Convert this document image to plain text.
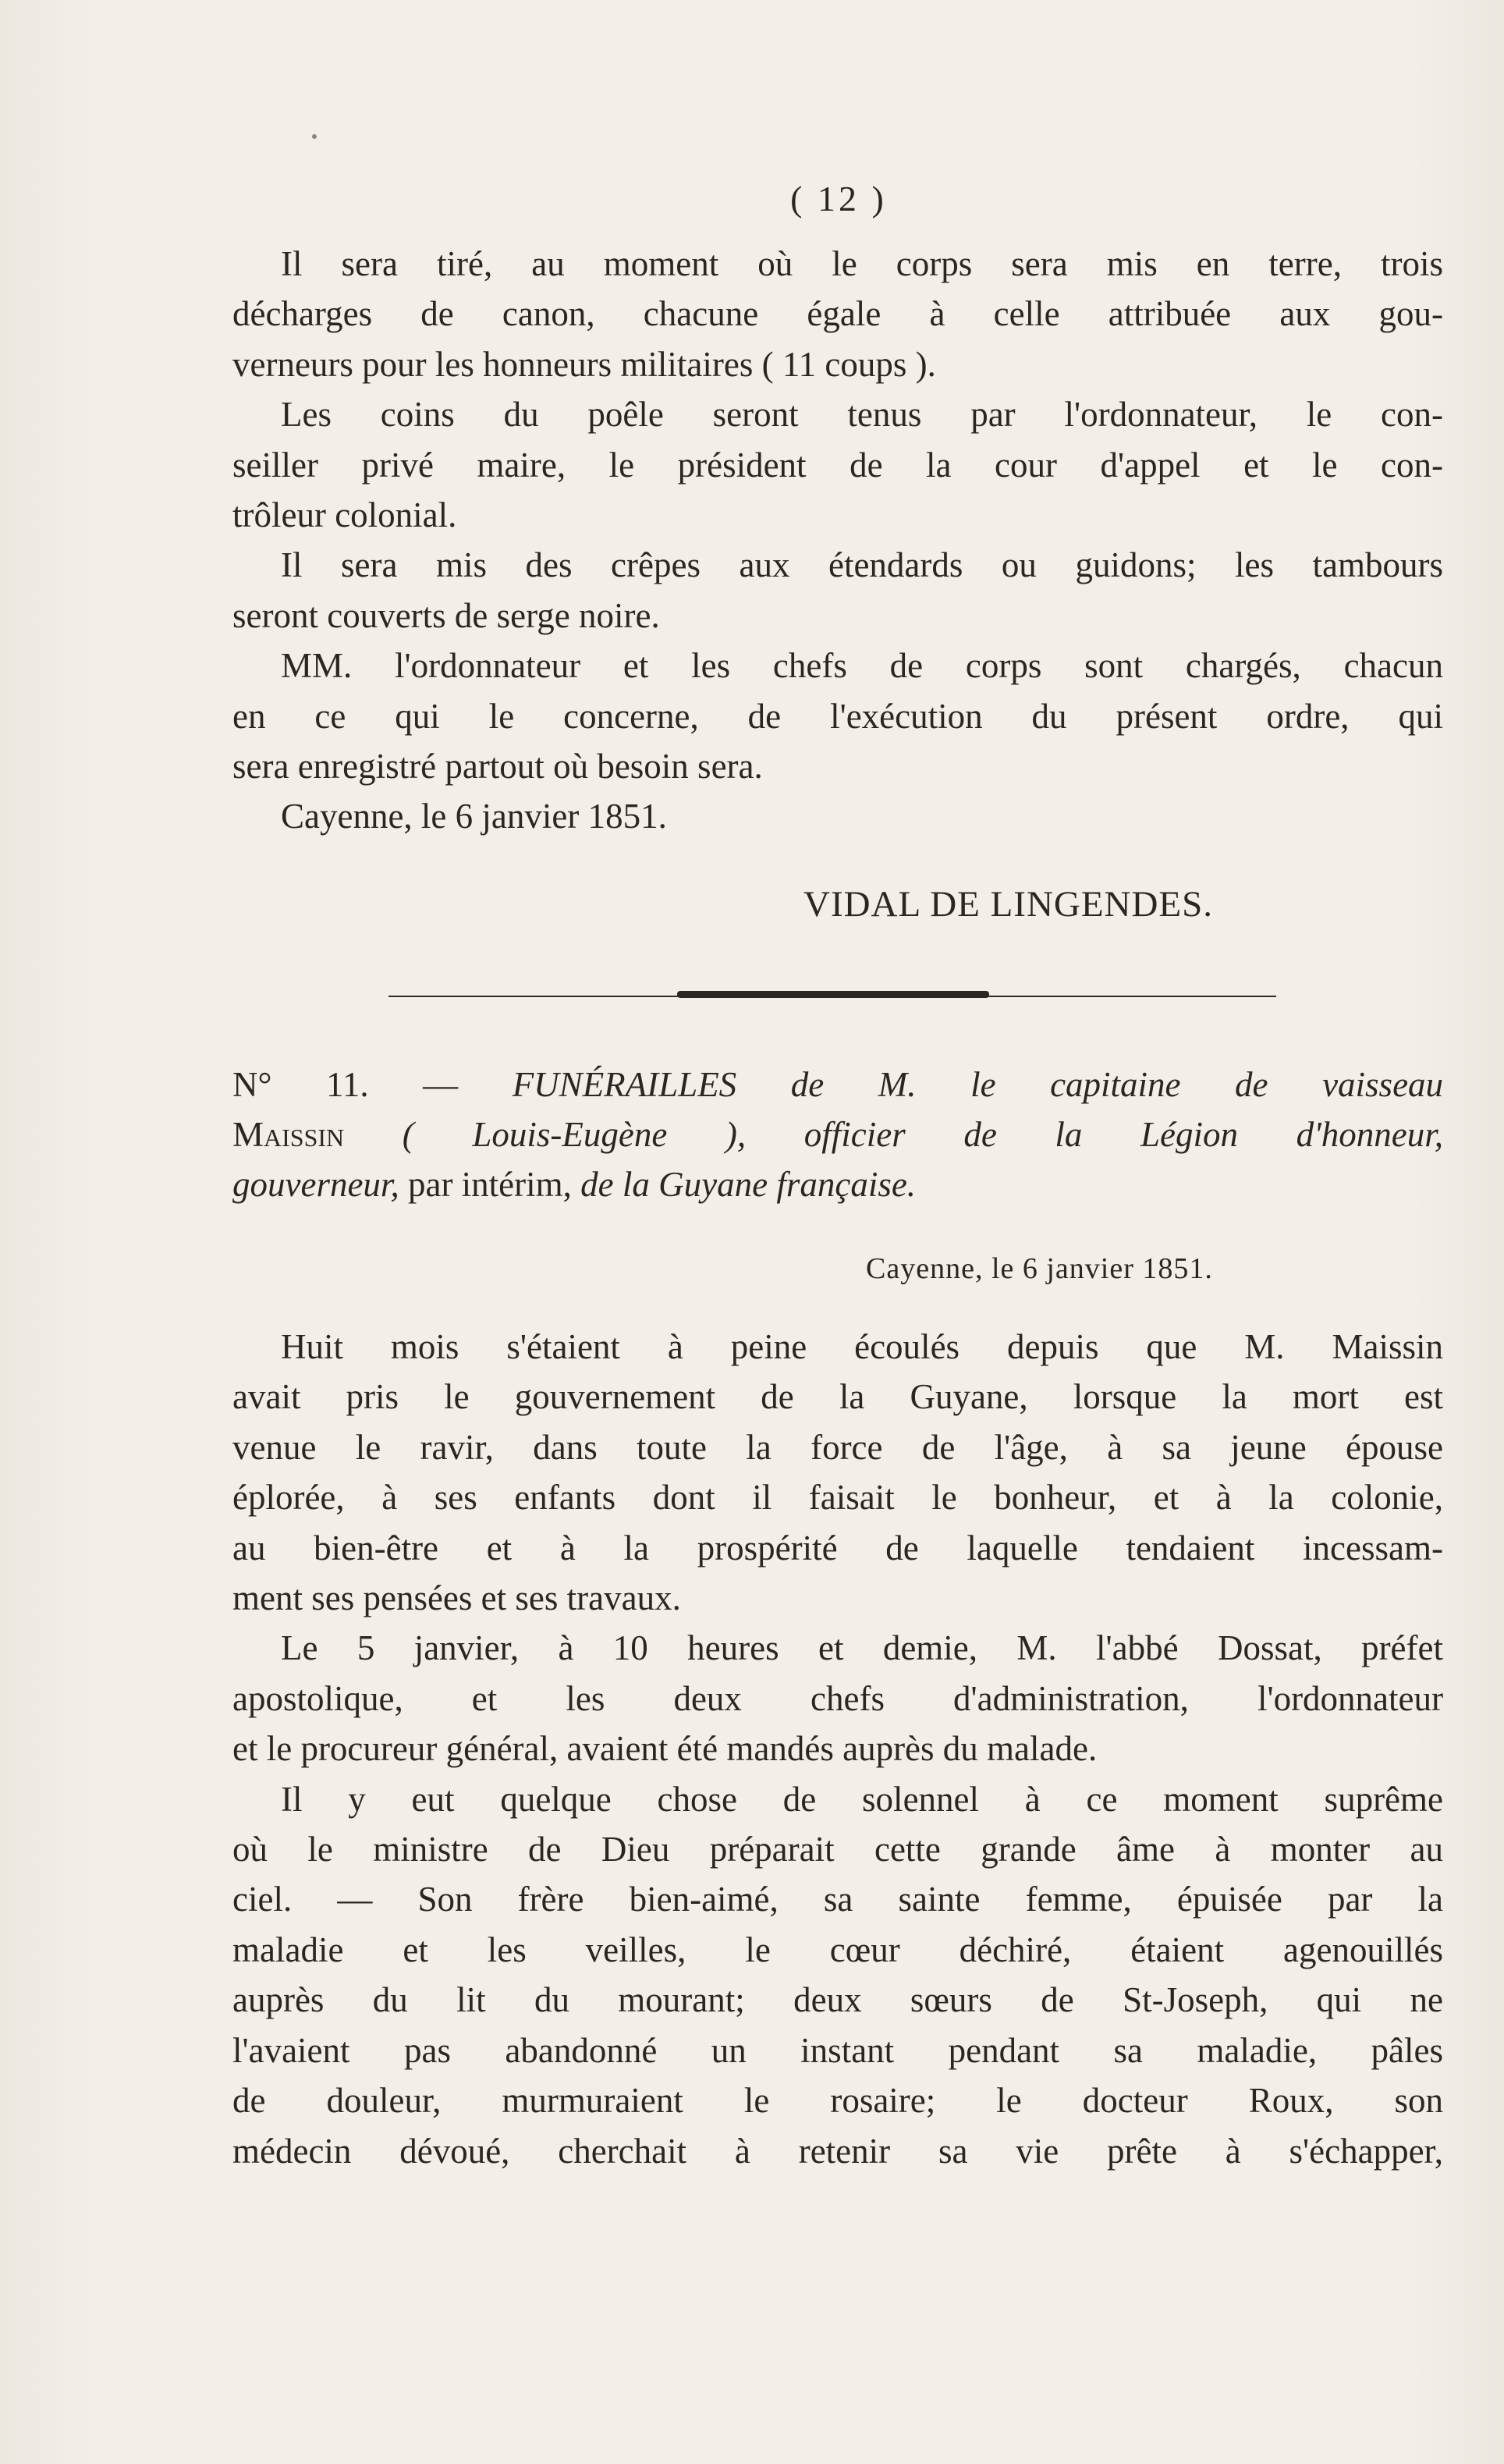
( 12 )
Il sera tiré, au moment où le corps sera mis en terre, trois
décharges de canon, chacune égale à celle attribuée aux gou-
verneurs pour les honneurs militaires ( 11 coups ).
Les coins du poêle seront tenus par l'ordonnateur, le con-
seiller privé maire, le président de la cour d'appel et le con-
trôleur colonial.
Il sera mis des crêpes aux étendards ou guidons; les tambours
seront couverts de serge noire.
MM. l'ordonnateur et les chefs de corps sont chargés, chacun
en ce qui le concerne, de l'exécution du présent ordre, qui
sera enregistré partout où besoin sera.
Cayenne, le 6 janvier 1851.
VIDAL DE LINGENDES.
N° 11. — FUNÉRAILLES de M. le capitaine de vaisseau
Maissin ( Louis-Eugène ), officier de la Légion d'honneur,
gouverneur, par intérim, de la Guyane française.
Cayenne, le 6 janvier 1851.
Huit mois s'étaient à peine écoulés depuis que M. Maissin
avait pris le gouvernement de la Guyane, lorsque la mort est
venue le ravir, dans toute la force de l'âge, à sa jeune épouse
éplorée, à ses enfants dont il faisait le bonheur, et à la colonie,
au bien-être et à la prospérité de laquelle tendaient incessam-
ment ses pensées et ses travaux.
Le 5 janvier, à 10 heures et demie, M. l'abbé Dossat, préfet
apostolique, et les deux chefs d'administration, l'ordonnateur
et le procureur général, avaient été mandés auprès du malade.
Il y eut quelque chose de solennel à ce moment suprême
où le ministre de Dieu préparait cette grande âme à monter au
ciel. — Son frère bien-aimé, sa sainte femme, épuisée par la
maladie et les veilles, le cœur déchiré, étaient agenouillés
auprès du lit du mourant; deux sœurs de St-Joseph, qui ne
l'avaient pas abandonné un instant pendant sa maladie, pâles
de douleur, murmuraient le rosaire; le docteur Roux, son
médecin dévoué, cherchait à retenir sa vie prête à s'échapper,
